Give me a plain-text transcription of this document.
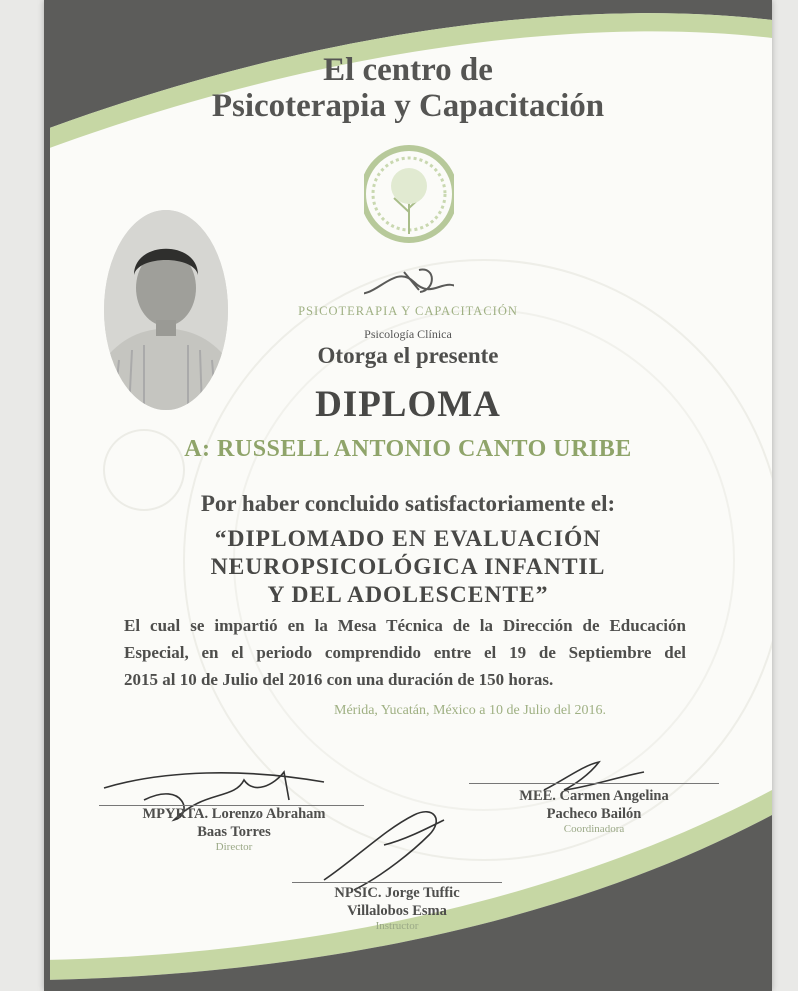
El centro de
Psicoterapia y Capacitación
PSICOTERAPIA Y CAPACITACIÓN
Psicología Clínica
Otorga el presente
DIPLOMA
A: RUSSELL ANTONIO CANTO URIBE
Por haber concluido satisfactoriamente el:
“DIPLOMADO EN EVALUACIÓN
NEUROPSICOLÓGICA INFANTIL
Y DEL ADOLESCENTE”
El cual se impartió en la Mesa Técnica de la Dirección de Educación
Especial, en el periodo comprendido entre el 19 de Septiembre del
2015 al 10 de Julio del 2016 con una duración de 150 horas.
Mérida, Yucatán, México a 10 de Julio del 2016.
MPYRTA. Lorenzo Abraham
Baas Torres
Director
MEE. Carmen Angelina
Pacheco Bailón
Coordinadora
NPSIC. Jorge Tuffic
Villalobos Esma
Instructor
